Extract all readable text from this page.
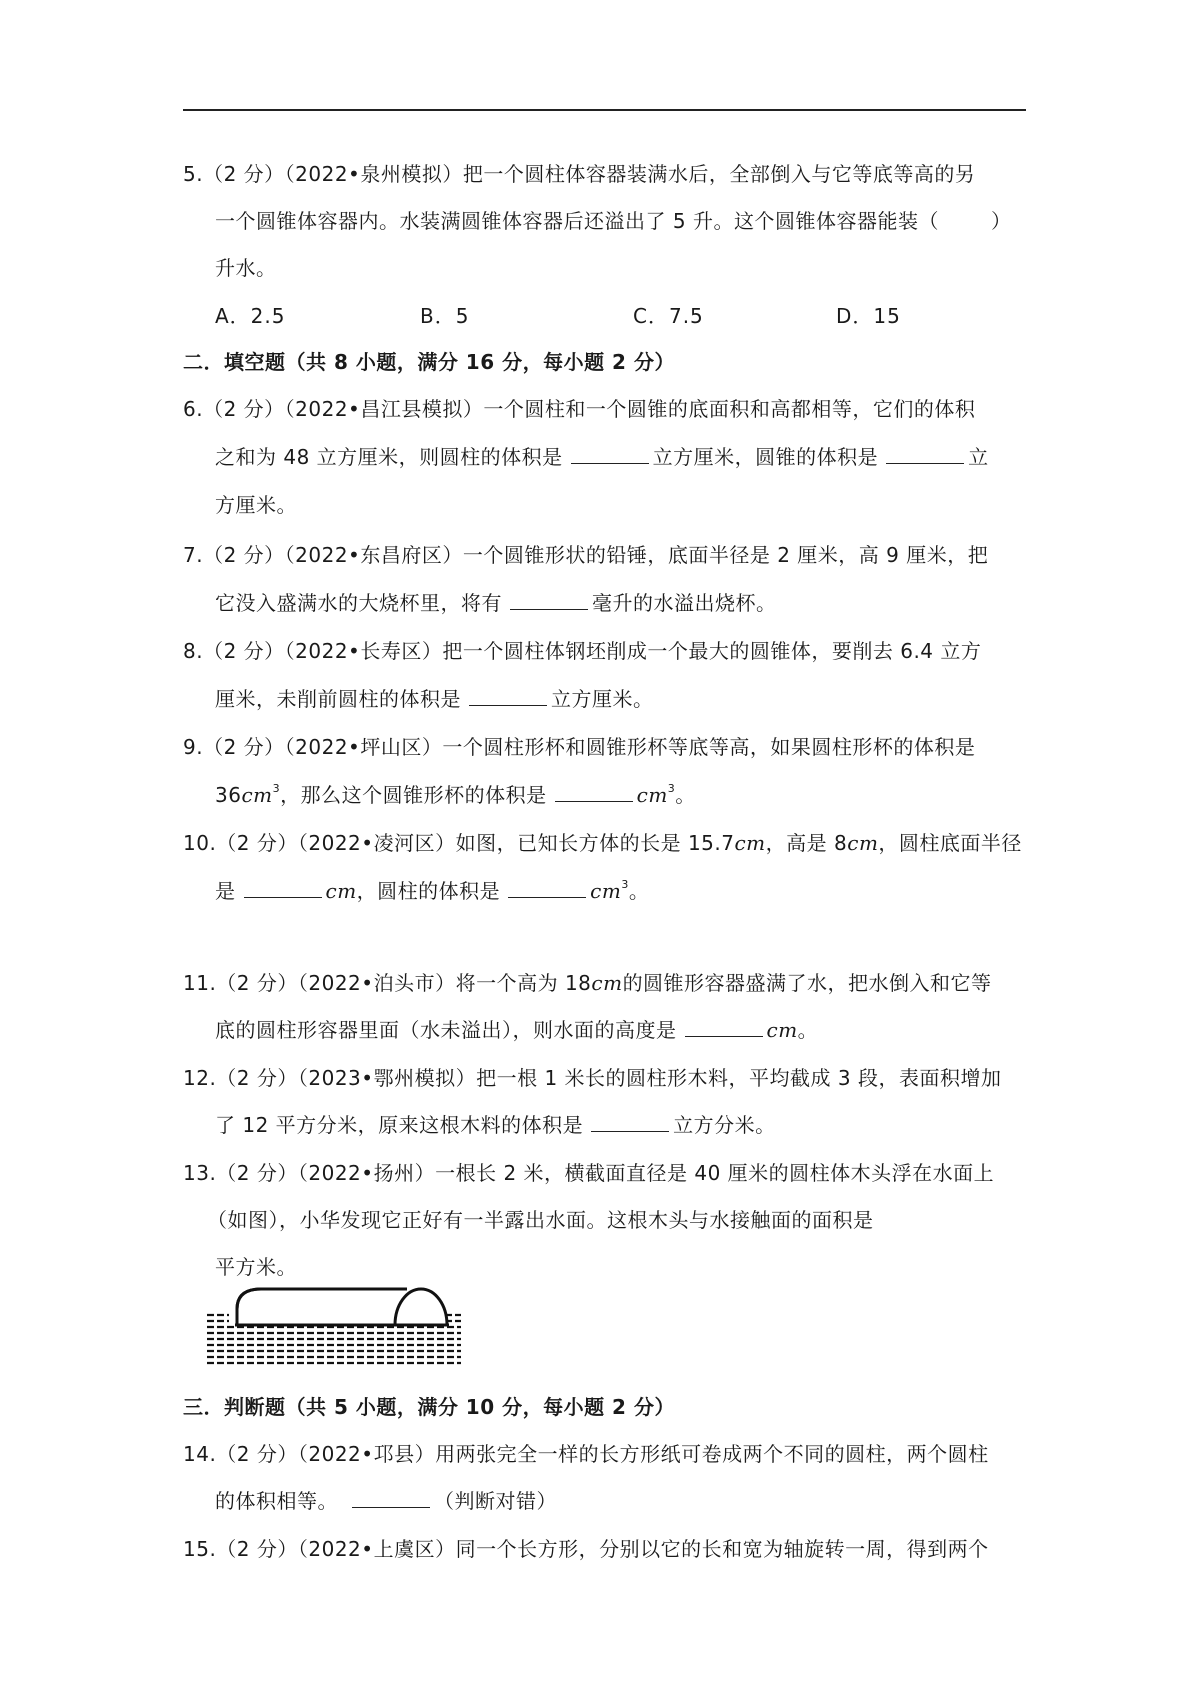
5.（2 分）（2022•泉州模拟）把一个圆柱体容器装满水后，全部倒入与它等底等高的另
一个圆锥体容器内。水装满圆锥体容器后还溢出了 5 升。这个圆锥体容器能装（	）
升水。
A．2.5	B．5	C．7.5	D．15
二．填空题（共 8 小题，满分 16 分，每小题 2 分）
6.（2 分）（2022•昌江县模拟）一个圆柱和一个圆锥的底面积和高都相等，它们的体积
之和为 48 立方厘米，则圆柱的体积是	立方厘米，圆锥的体积是	立
方厘米。
7.（2 分）（2022•东昌府区）一个圆锥形状的铅锤，底面半径是 2 厘米，高 9 厘米，把
它没入盛满水的大烧杯里，将有	毫升的水溢出烧杯。
8.（2 分）（2022•长寿区）把一个圆柱体钢坯削成一个最大的圆锥体，要削去 6.4 立方
厘米，未削前圆柱的体积是	立方厘米。
9.（2 分）（2022•坪山区）一个圆柱形杯和圆锥形杯等底等高，如果圆柱形杯的体积是
$36cm^3$，那么这个圆锥形杯的体积是	$cm^3$。
10.（2 分）（2022•凌河区）如图，已知长方体的长是 15.7cm，高是 8cm，圆柱底面半径
是	cm，圆柱的体积是	$cm^3$。
11.（2 分）（2022•泊头市）将一个高为 18cm的圆锥形容器盛满了水，把水倒入和它等
底的圆柱形容器里面（水未溢出），则水面的高度是	cm。
12.（2 分）（2023•鄂州模拟）把一根 1 米长的圆柱形木料，平均截成 3 段，表面积增加
了 12 平方分米，原来这根木料的体积是	立方分米。
13.（2 分）（2022•扬州）一根长 2 米，横截面直径是 40 厘米的圆柱体木头浮在水面上
（如图），小华发现它正好有一半露出水面。这根木头与水接触面的面积是
平方米。
三．判断题（共 5 小题，满分 10 分，每小题 2 分）
14.（2 分）（2022•邛县）用两张完全一样的长方形纸可卷成两个不同的圆柱，两个圆柱
的体积相等。	（判断对错）
15.（2 分）（2022•上虞区）同一个长方形，分别以它的长和宽为轴旋转一周，得到两个
